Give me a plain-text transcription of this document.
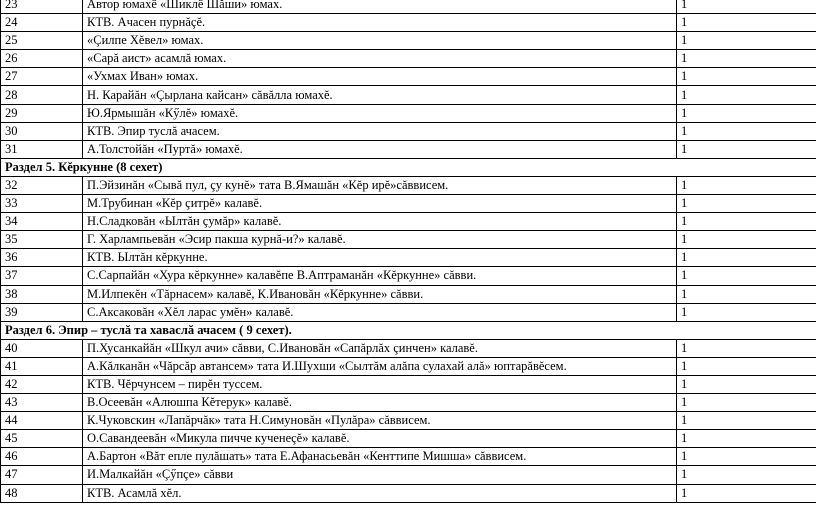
23	Автор юмахӗ «Шиклӗ Шăши» юмах.	1
24	КТВ. Ачасен пурнăçĕ.	1
25	«Çилпе Хĕвел» юмах.	1
26	«Сарă аист» асамлă юмах.	1
27	«Ухмах Иван» юмах.	1
28	Н. Карайăн «Çырлана кайсан» сăвăлла юмахĕ.	1
29	Ю.Ярмышăн «Кӳлĕ» юмахĕ.	1
30	КТВ. Эпир туслă ачасем.	1
31	А.Толстойăн «Пуртă» юмахĕ.	1
Раздел 5. Кĕркунне (8 сехет)		
32	П.Эйзинăн «Сывă пул, çу кунĕ» тата В.Ямашăн «Кĕр ирĕ»сăввисем.	1
33	М.Трубинан «Кĕр çитрĕ» калавĕ.	1
34	Н.Сладковăн «Ылтăн çумăр» калавĕ.	1
35	Г. Харлампьевăн «Эсир пакша курнă-и?» калавĕ.	1
36	КТВ. Ылтăн кĕркунне.	1
37	С.Сарпайăн «Хура кĕркунне» калавĕпе В.Аптраманăн «Кĕркунне» сăвви.	1
38	М.Илпекĕн «Тăрнасем» калавĕ, К.Ивановăн «Кĕркунне» сăвви.	1
39	С.Аксаковăн «Хĕл ларас умĕн» калавĕ.	1
Раздел 6. Эпир – туслă та хаваслă ачасем ( 9 сехет).		
40	П.Хусанкайăн «Шкул ачи» сăвви, С.Ивановăн «Сапăрлăх çинчен» калавĕ.	1
41	А.Кăлканăн «Чăрсăр автансем» тата И.Шухши «Сылтăм алăпа сулахай алă» юптарăвĕсем.	1
42	КТВ. Чĕрчунсем – пирĕн туссем.	1
43	В.Осеевăн «Алюшпа Кĕтерук» калавĕ.	1
44	К.Чуковскин «Лапăрчăк» тата Н.Симуновăн «Пулăра» сăввисем.	1
45	О.Савандеевăн «Микула пичче кученеçĕ» калавĕ.	1
46	А.Бартон «Вăт епле пулăшать» тата Е.Афанасьевăн «Кенттипе Мишша» сăввисем.	1
47	И.Малкайăн «Çӳпçе» сăвви	1
48	КТВ. Асамлă хĕл.	1
